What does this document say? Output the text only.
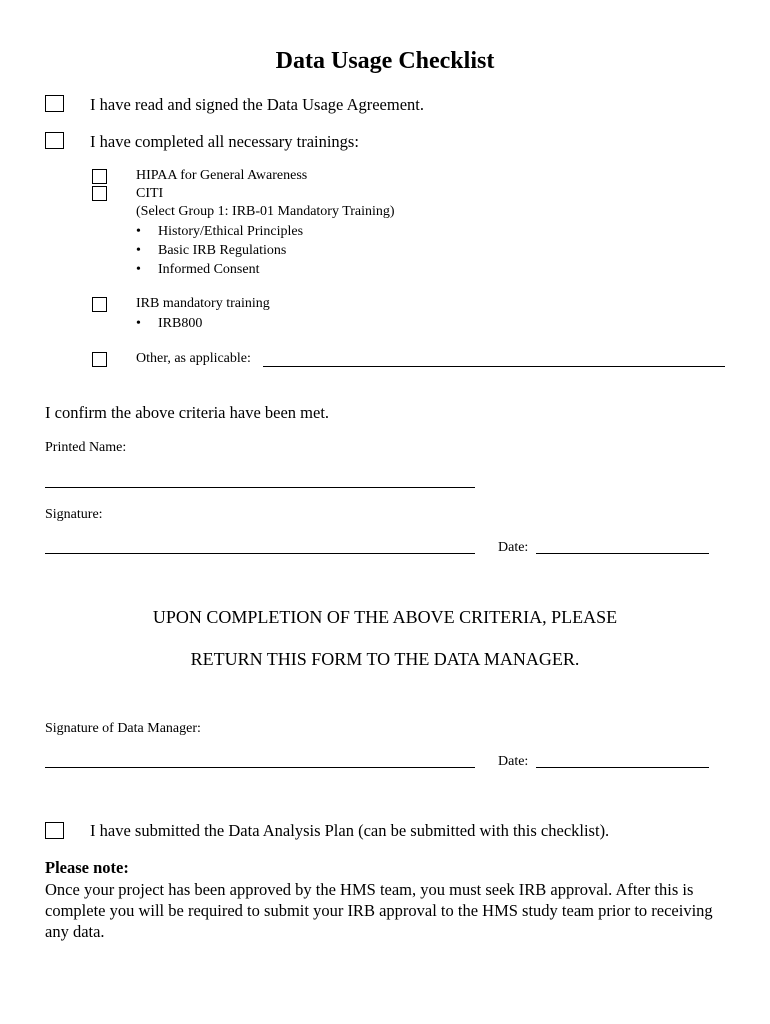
Data Usage Checklist
I have read and signed the Data Usage Agreement.
I have completed all necessary trainings:
HIPAA for General Awareness
CITI
(Select Group 1: IRB-01 Mandatory Training)
• History/Ethical Principles
• Basic IRB Regulations
• Informed Consent
IRB mandatory training
• IRB800
Other, as applicable:
I confirm the above criteria have been met.
Printed Name:
Signature:
Date:
UPON COMPLETION OF THE ABOVE CRITERIA, PLEASE
RETURN THIS FORM TO THE DATA MANAGER.
Signature of Data Manager:
Date:
I have submitted the Data Analysis Plan (can be submitted with this checklist).
Please note:
Once your project has been approved by the HMS team, you must seek IRB approval. After this is complete you will be required to submit your IRB approval to the HMS study team prior to receiving any data.
